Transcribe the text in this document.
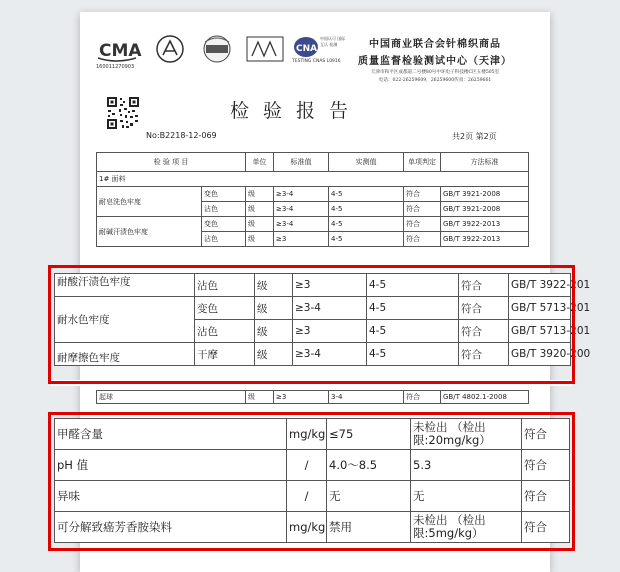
CMA
160011270903
CNAS
TESTING CNAS L0916
中国认可 国际互认 检测	中国商业联合会针棉织商品
质量监督检验测试中心（天津）
天津市和平区成都道二号楼80号中环电子科技楼C区五楼505室
电话：022-26259609，26259600传真：26259661
检验报告
No:B2218-12-069	共2页 第2页
检 验 项 目		单位	标准值	实测值	单项判定	方法标准
1# 面料						
耐皂洗色牢度	变色	级	≥3-4	4-5	符合	GB/T 3921-2008
	沾色	级	≥3-4	4-5	符合	GB/T 3921-2008
耐碱汗渍色牢度	变色	级	≥3-4	4-5	符合	GB/T 3922-2013
	沾色	级	≥3	4-5	符合	GB/T 3922-2013
耐酸汗渍色牢度	沾色	级	≥3	4-5	符合	GB/T 3922-201
耐水色牢度	变色	级	≥3-4	4-5	符合	GB/T 5713-201
	沾色	级	≥3	4-5	符合	GB/T 5713-201
耐摩擦色牢度	干摩	级	≥3-4	4-5	符合	GB/T 3920-200
起球	级	≥3	3-4	符合	GB/T 4802.1-2008
甲醛含量	mg/kg	≤75	未检出 （检出限:20mg/kg）	符合
pH 值	/	4.0～8.5	5.3	符合
异味	/	无	无	符合
可分解致癌芳香胺染料	mg/kg	禁用	未检出 （检出限:5mg/kg）	符合
